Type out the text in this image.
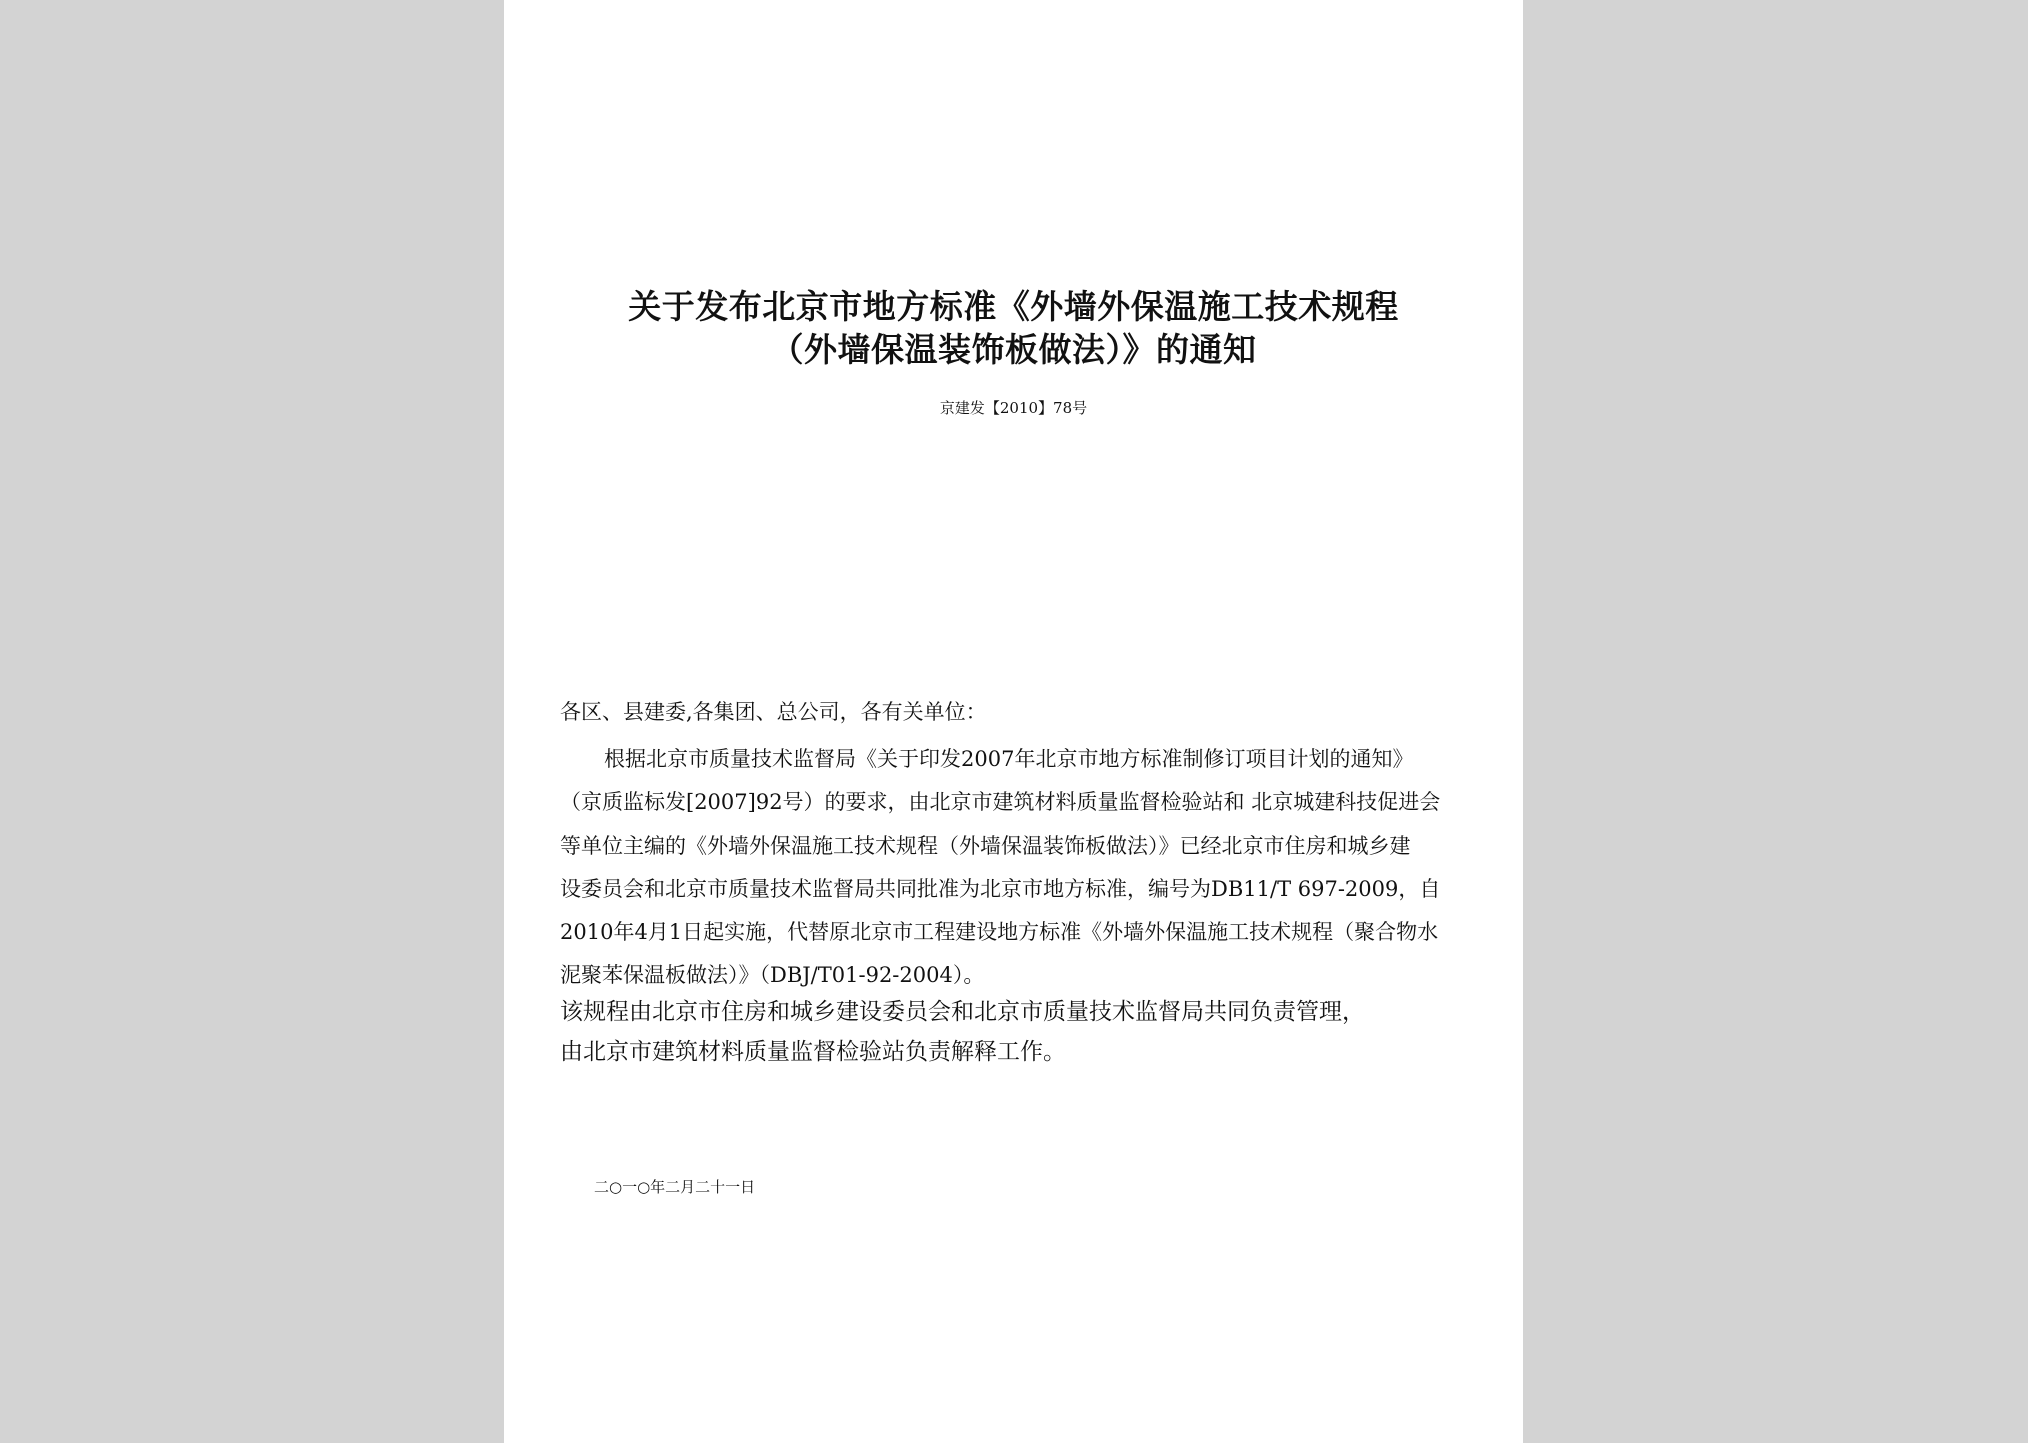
关于发布北京市地方标准《外墙外保温施工技术规程
（外墙保温装饰板做法）》的通知
京建发【2010】78号
各区、县建委,各集团、总公司，各有关单位：
根据北京市质量技术监督局《关于印发2007年北京市地方标准制修订项目计划的通知》
（京质监标发[2007]92号）的要求，由北京市建筑材料质量监督检验站和 北京城建科技促进会
等单位主编的《外墙外保温施工技术规程（外墙保温装饰板做法）》已经北京市住房和城乡建
设委员会和北京市质量技术监督局共同批准为北京市地方标准，编号为DB11/T 697-2009，自
2010年4月1日起实施，代替原北京市工程建设地方标准《外墙外保温施工技术规程（聚合物水
泥聚苯保温板做法）》（DBJ/T01-92-2004）。
该规程由北京市住房和城乡建设委员会和北京市质量技术监督局共同负责管理，
由北京市建筑材料质量监督检验站负责解释工作。
二○一○年二月二十一日
